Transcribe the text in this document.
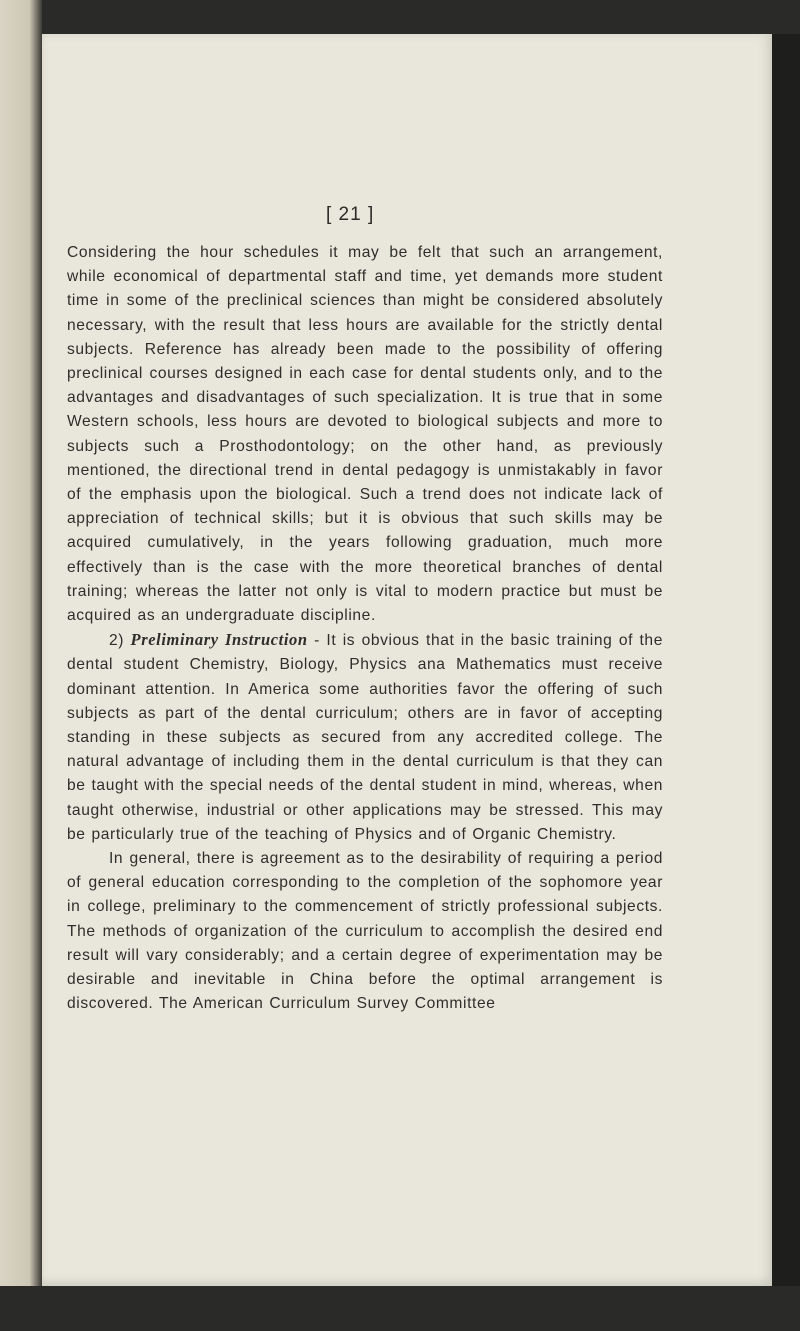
[ 21 ]

Considering the hour schedules it may be felt that such an arrangement, while economical of departmental staff and time, yet demands more student time in some of the preclinical sciences than might be considered absolutely necessary, with the result that less hours are available for the strictly dental subjects. Reference has already been made to the possibility of offering preclinical courses designed in each case for dental students only, and to the advantages and disadvantages of such specialization. It is true that in some Western schools, less hours are devoted to biological subjects and more to subjects such a Prosthodontology; on the other hand, as previously mentioned, the directional trend in dental pedagogy is unmistakably in favor of the emphasis upon the biological. Such a trend does not indicate lack of appreciation of technical skills; but it is obvious that such skills may be acquired cumulatively, in the years following graduation, much more effectively than is the case with the more theoretical branches of dental training; whereas the latter not only is vital to modern practice but must be acquired as an undergraduate discipline.

2) Preliminary Instruction - It is obvious that in the basic training of the dental student Chemistry, Biology, Physics ana Mathematics must receive dominant attention. In America some authorities favor the offering of such subjects as part of the dental curriculum; others are in favor of accepting standing in these subjects as secured from any accredited college. The natural advantage of including them in the dental curriculum is that they can be taught with the special needs of the dental student in mind, whereas, when taught otherwise, industrial or other applications may be stressed. This may be particularly true of the teaching of Physics and of Organic Chemistry.

In general, there is agreement as to the desirability of requiring a period of general education corresponding to the completion of the sophomore year in college, preliminary to the commencement of strictly professional subjects. The methods of organization of the curriculum to accomplish the desired end result will vary considerably; and a certain degree of experimentation may be desirable and inevitable in China before the optimal arrangement is discovered. The American Curriculum Survey Committee
